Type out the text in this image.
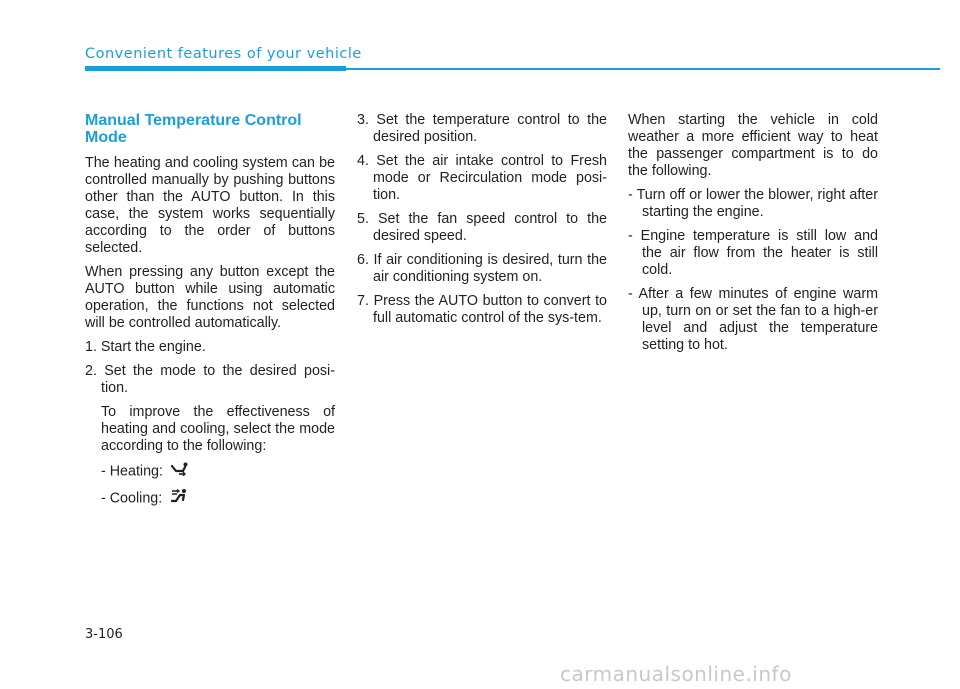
Convenient features of your vehicle
Manual Temperature Control Mode

The heating and cooling system can be controlled manually by pushing buttons other than the AUTO button. In this case, the system works sequentially according to the order of buttons selected.

When pressing any button except the AUTO button while using automatic operation, the functions not selected will be controlled automatically.

1. Start the engine.
2. Set the mode to the desired posi-tion.
To improve the effectiveness of heating and cooling, select the mode according to the following:
- Heating:
- Cooling:
3. Set the temperature control to the desired position.
4. Set the air intake control to Fresh mode or Recirculation mode posi-tion.
5. Set the fan speed control to the desired speed.
6. If air conditioning is desired, turn the air conditioning system on.
7. Press the AUTO button to convert to full automatic control of the sys-tem.

When starting the vehicle in cold weather a more efficient way to heat the passenger compartment is to do the following.

- Turn off or lower the blower, right after starting the engine.
- Engine temperature is still low and the air flow from the heater is still cold.
- After a few minutes of engine warm up, turn on or set the fan to a high-er level and adjust the temperature setting to hot.
3-106
carmanualsonline.info
